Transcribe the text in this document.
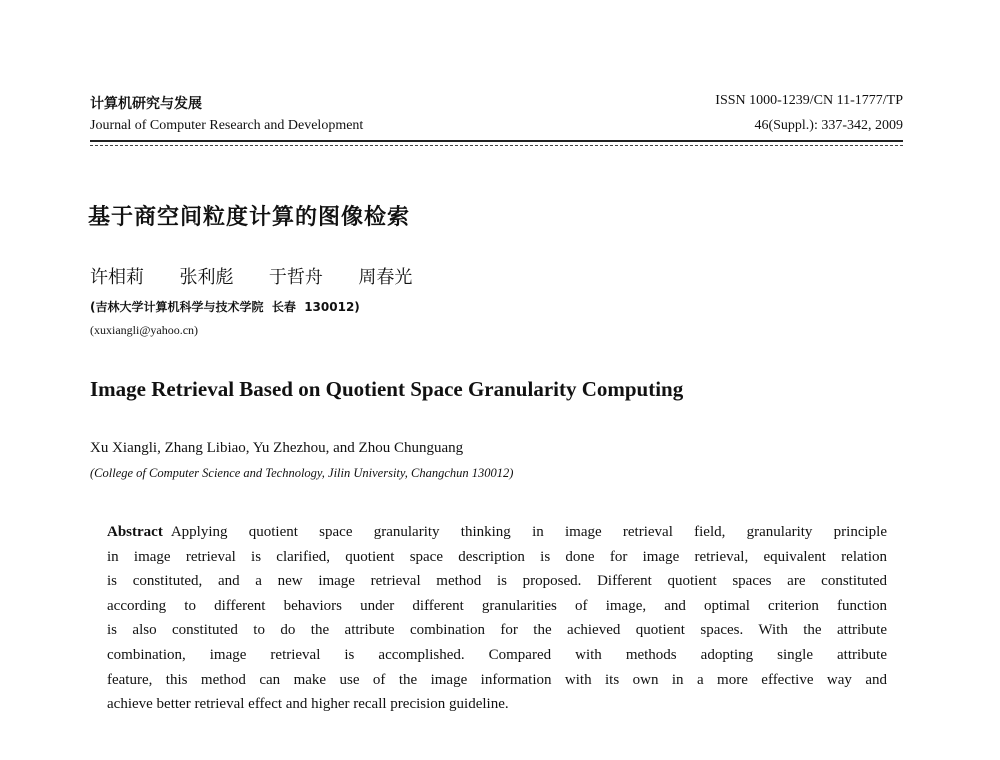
计算机研究与发展
Journal of Computer Research and Development
ISSN 1000-1239/CN 11-1777/TP
46(Suppl.): 337-342, 2009
基于商空间粒度计算的图像检索
许相莉  张利彪  于哲舟  周春光
(吉林大学计算机科学与技术学院  长春  130012)
(xuxiangli@yahoo.cn)
Image Retrieval Based on Quotient Space Granularity Computing
Xu Xiangli, Zhang Libiao, Yu Zhezhou, and Zhou Chunguang
(College of Computer Science and Technology, Jilin University, Changchun 130012)
Abstract Applying quotient space granularity thinking in image retrieval field, granularity principle
in image retrieval is clarified, quotient space description is done for image retrieval, equivalent relation
is constituted, and a new image retrieval method is proposed. Different quotient spaces are constituted
according to different behaviors under different granularities of image, and optimal criterion function
is also constituted to do the attribute combination for the achieved quotient spaces. With the attribute
combination, image retrieval is accomplished. Compared with methods adopting single attribute
feature, this method can make use of the image information with its own in a more effective way and
achieve better retrieval effect and higher recall precision guideline.
